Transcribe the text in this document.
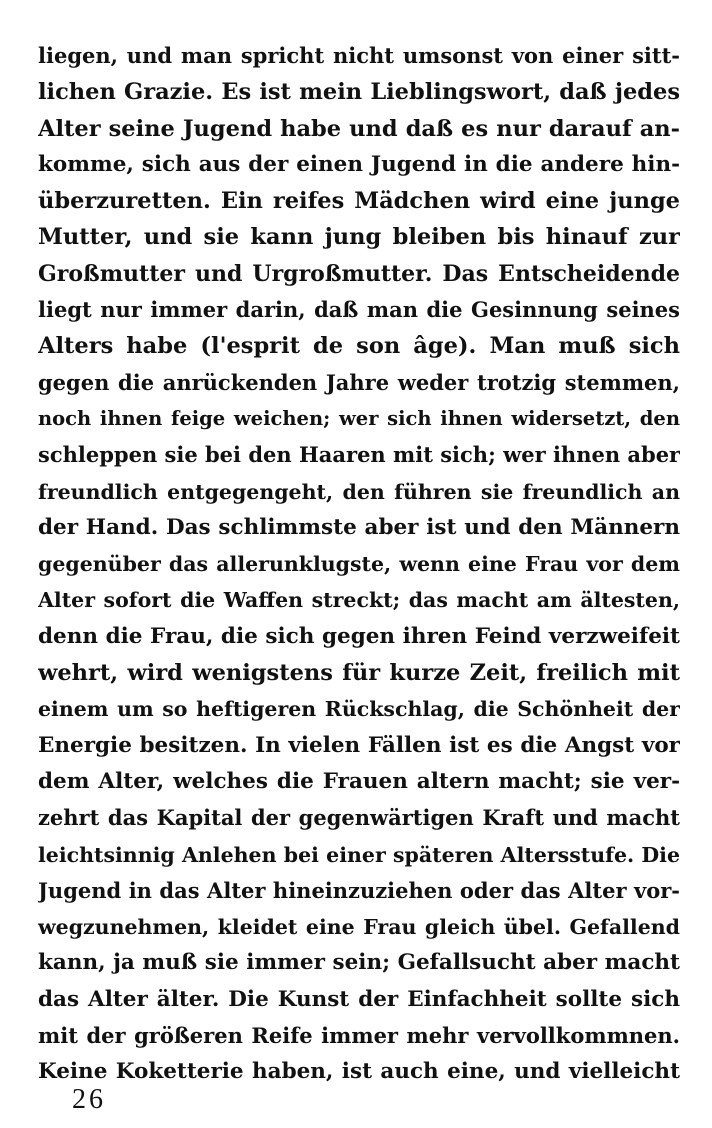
liegen, und man spricht nicht umsonst von einer sitt-
lichen Grazie. Es ist mein Lieblingswort, daß jedes
Alter seine Jugend habe und daß es nur darauf an-
komme, sich aus der einen Jugend in die andere hin-
überzuretten. Ein reifes Mädchen wird eine junge
Mutter, und sie kann jung bleiben bis hinauf zur
Großmutter und Urgroßmutter. Das Entscheidende
liegt nur immer darin, daß man die Gesinnung seines
Alters habe (l'esprit de son âge). Man muß sich
gegen die anrückenden Jahre weder trotzig stemmen,
noch ihnen feige weichen; wer sich ihnen widersetzt, den
schleppen sie bei den Haaren mit sich; wer ihnen aber
freundlich entgegengeht, den führen sie freundlich an
der Hand. Das schlimmste aber ist und den Männern
gegenüber das allerunklugste, wenn eine Frau vor dem
Alter sofort die Waffen streckt; das macht am ältesten,
denn die Frau, die sich gegen ihren Feind verzweifeit
wehrt, wird wenigstens für kurze Zeit, freilich mit
einem um so heftigeren Rückschlag, die Schönheit der
Energie besitzen. In vielen Fällen ist es die Angst vor
dem Alter, welches die Frauen altern macht; sie ver-
zehrt das Kapital der gegenwärtigen Kraft und macht
leichtsinnig Anlehen bei einer späteren Altersstufe. Die
Jugend in das Alter hineinzuziehen oder das Alter vor-
wegzunehmen, kleidet eine Frau gleich übel. Gefallend
kann, ja muß sie immer sein; Gefallsucht aber macht
das Alter älter. Die Kunst der Einfachheit sollte sich
mit der größeren Reife immer mehr vervollkommnen.
Keine Koketterie haben, ist auch eine, und vielleicht
26
